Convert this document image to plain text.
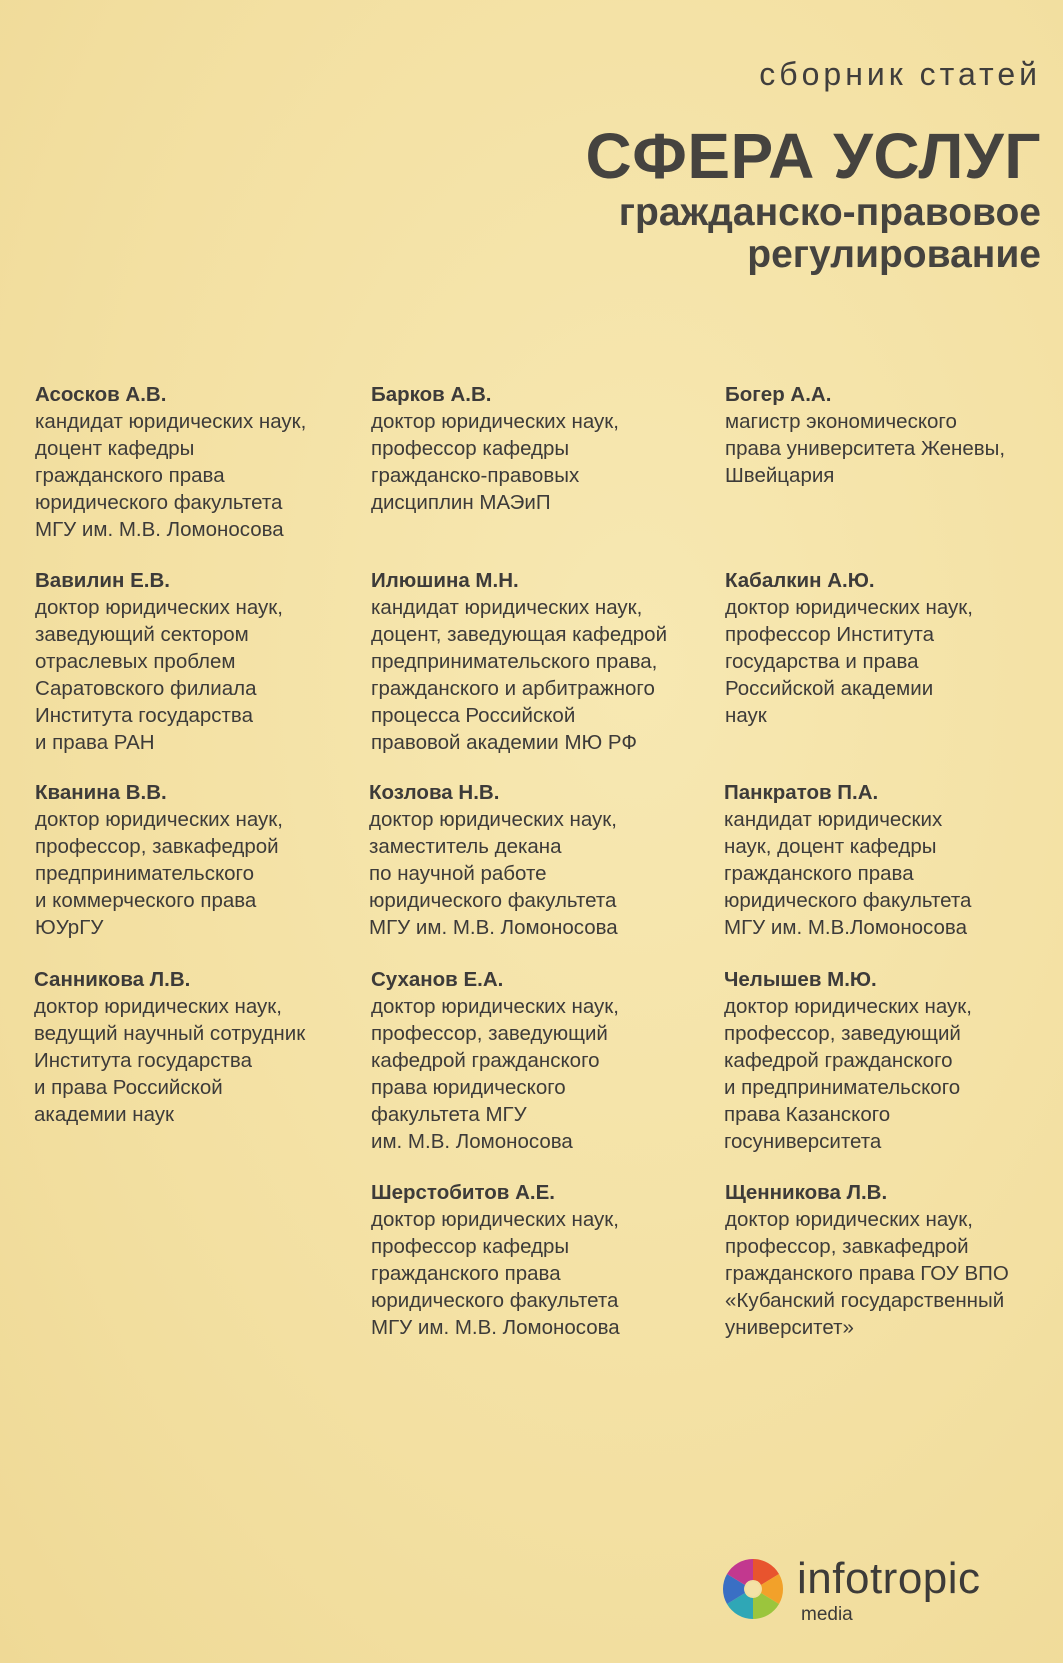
сборник статей
СФЕРА УСЛУГ
гражданско-правовое
регулирование
Асосков А.В.
кандидат юридических наук,
доцент кафедры
гражданского права
юридического факультета
МГУ им. М.В. Ломоносова
Барков А.В.
доктор юридических наук,
профессор кафедры
гражданско-правовых
дисциплин МАЭиП
Богер А.А.
магистр экономического
права университета Женевы,
Швейцария
Вавилин Е.В.
доктор юридических наук,
заведующий сектором
отраслевых проблем
Саратовского филиала
Института государства
и права РАН
Илюшина М.Н.
кандидат юридических наук,
доцент, заведующая кафедрой
предпринимательского права,
гражданского и арбитражного
процесса Российской
правовой академии МЮ РФ
Кабалкин А.Ю.
доктор юридических наук,
профессор Института
государства и права
Российской академии
наук
Кванина В.В.
доктор юридических наук,
профессор, завкафедрой
предпринимательского
и коммерческого права
ЮУрГУ
Козлова Н.В.
доктор юридических наук,
заместитель декана
по научной работе
юридического факультета
МГУ им. М.В. Ломоносова
Панкратов П.А.
кандидат юридических
наук, доцент кафедры
гражданского права
юридического факультета
МГУ им. М.В.Ломоносова
Санникова Л.В.
доктор юридических наук,
ведущий научный сотрудник
Института государства
и права Российской
академии наук
Суханов Е.А.
доктор юридических наук,
профессор, заведующий
кафедрой гражданского
права юридического
факультета МГУ
им. М.В. Ломоносова
Челышев М.Ю.
доктор юридических наук,
профессор, заведующий
кафедрой гражданского
и предпринимательского
права Казанского
госуниверситета
Шерстобитов А.Е.
доктор юридических наук,
профессор кафедры
гражданского права
юридического факультета
МГУ им. М.В. Ломоносова
Щенникова Л.В.
доктор юридических наук,
профессор, завкафедрой
гражданского права ГОУ ВПО
«Кубанский государственный
университет»
infotropic
media
